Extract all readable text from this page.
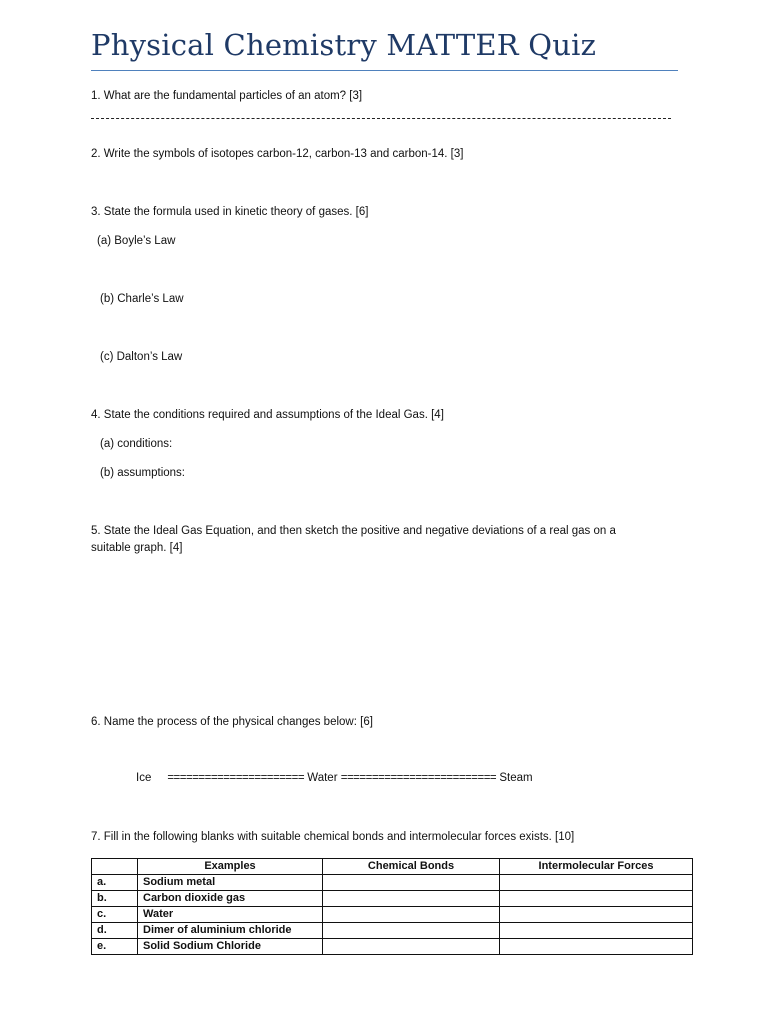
Physical Chemistry MATTER Quiz
1. What are the fundamental particles of an atom? [3]
2. Write the symbols of isotopes carbon-12, carbon-13 and carbon-14. [3]
3. State the formula used in kinetic theory of gases. [6]
(a) Boyle’s Law
(b) Charle’s Law
(c) Dalton’s Law
4. State the conditions required and assumptions of the Ideal Gas. [4]
(a) conditions:
(b) assumptions:
5. State the Ideal Gas Equation, and then sketch the positive and negative deviations of a real gas on a
suitable graph. [4]
6. Name the process of the physical changes below: [6]
Ice ====================== Water ========================= Steam
7. Fill in the following blanks with suitable chemical bonds and intermolecular forces exists. [10]
	Examples	Chemical Bonds	Intermolecular Forces
a.	Sodium metal		
b.	Carbon dioxide gas		
c.	Water		
d.	Dimer of aluminium chloride		
e.	Solid Sodium Chloride		
